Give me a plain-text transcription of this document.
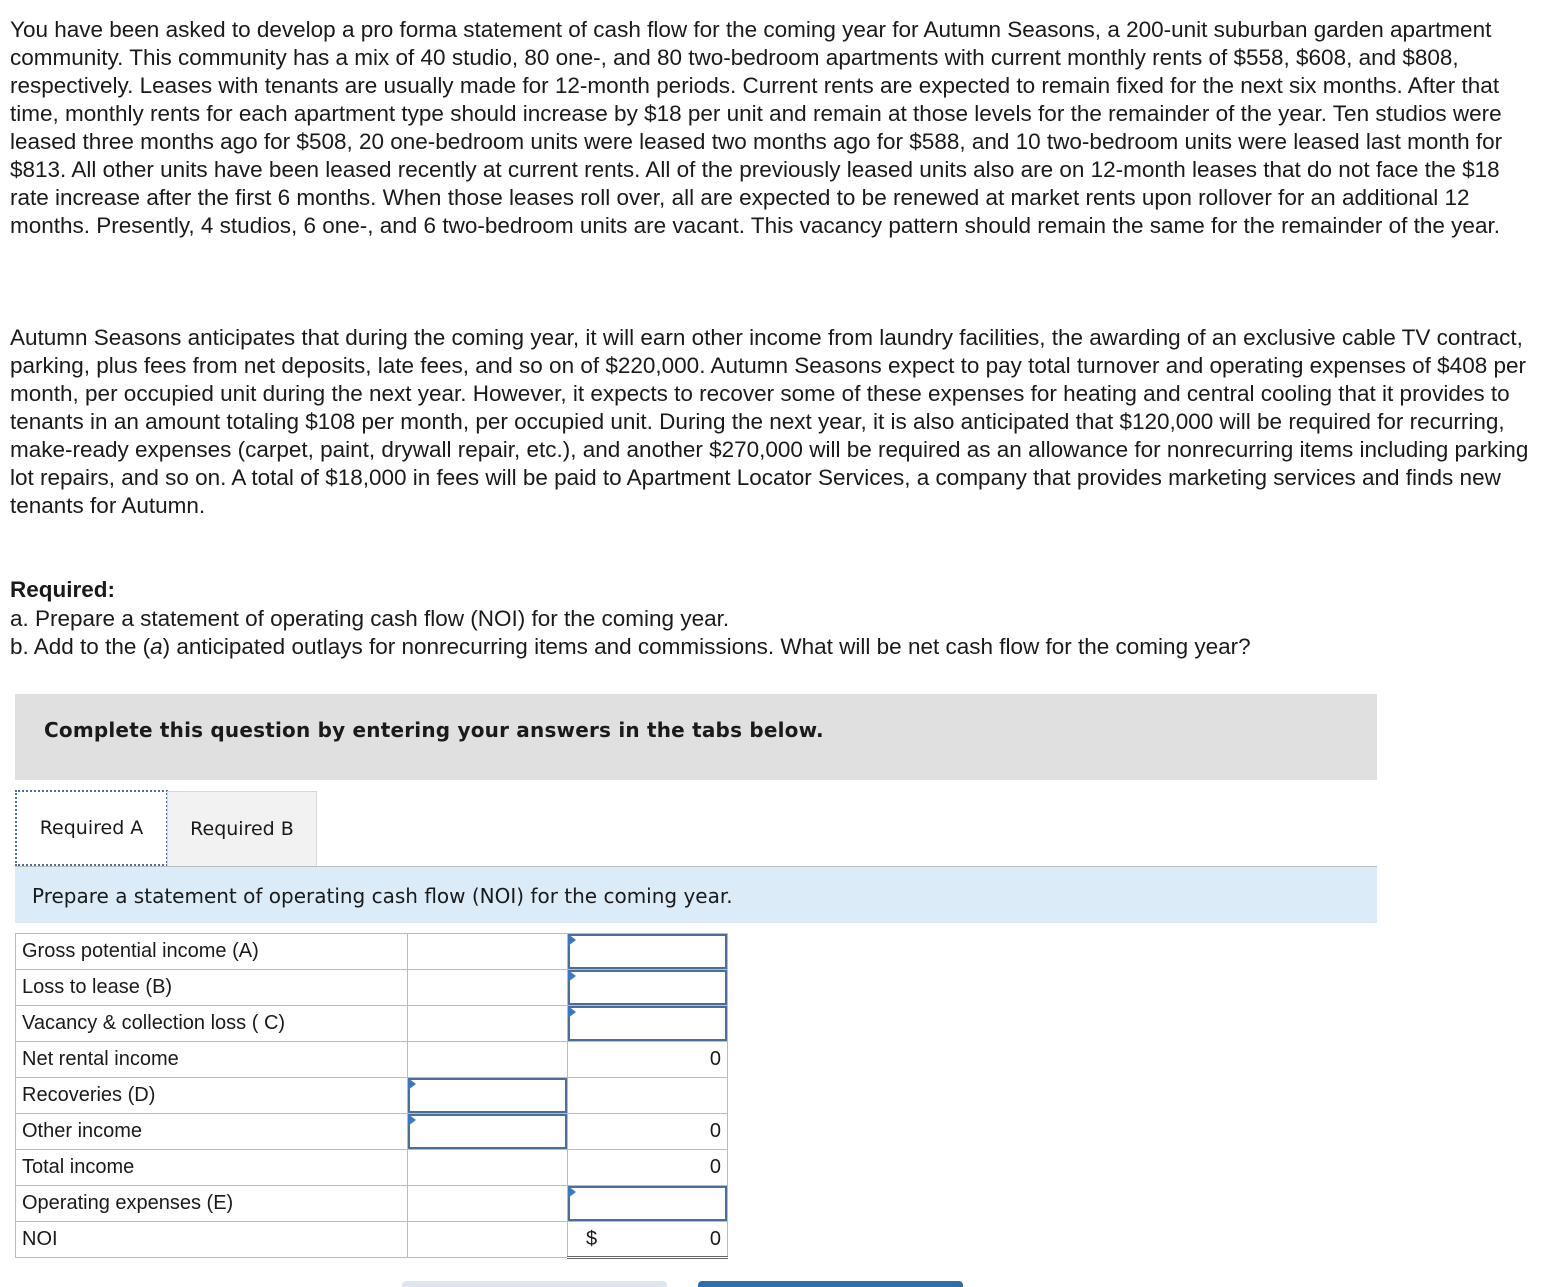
You have been asked to develop a pro forma statement of cash flow for the coming year for Autumn Seasons, a 200-unit suburban garden apartment community. This community has a mix of 40 studio, 80 one-, and 80 two-bedroom apartments with current monthly rents of $558, $608, and $808, respectively. Leases with tenants are usually made for 12-month periods. Current rents are expected to remain fixed for the next six months. After that time, monthly rents for each apartment type should increase by $18 per unit and remain at those levels for the remainder of the year. Ten studios were leased three months ago for $508, 20 one-bedroom units were leased two months ago for $588, and 10 two-bedroom units were leased last month for $813. All other units have been leased recently at current rents. All of the previously leased units also are on 12-month leases that do not face the $18 rate increase after the first 6 months. When those leases roll over, all are expected to be renewed at market rents upon rollover for an additional 12 months. Presently, 4 studios, 6 one-, and 6 two-bedroom units are vacant. This vacancy pattern should remain the same for the remainder of the year.

Autumn Seasons anticipates that during the coming year, it will earn other income from laundry facilities, the awarding of an exclusive cable TV contract, parking, plus fees from net deposits, late fees, and so on of $220,000. Autumn Seasons expect to pay total turnover and operating expenses of $408 per month, per occupied unit during the next year. However, it expects to recover some of these expenses for heating and central cooling that it provides to tenants in an amount totaling $108 per month, per occupied unit. During the next year, it is also anticipated that $120,000 will be required for recurring, make-ready expenses (carpet, paint, drywall repair, etc.), and another $270,000 will be required as an allowance for nonrecurring items including parking lot repairs, and so on. A total of $18,000 in fees will be paid to Apartment Locator Services, a company that provides marketing services and finds new tenants for Autumn.

Required:

a. Prepare a statement of operating cash flow (NOI) for the coming year.

b. Add to the (a) anticipated outlays for nonrecurring items and commissions. What will be net cash flow for the coming year?

Complete this question by entering your answers in the tabs below.
Required A	Required B
Prepare a statement of operating cash flow (NOI) for the coming year.
Gross potential income (A)		

Loss to lease (B)		

Vacancy & collection loss ( C)		

Net rental income		0
Recoveries (D)	

Other income		0
Total income		0
Operating expenses (E)		

NOI		$ 0
